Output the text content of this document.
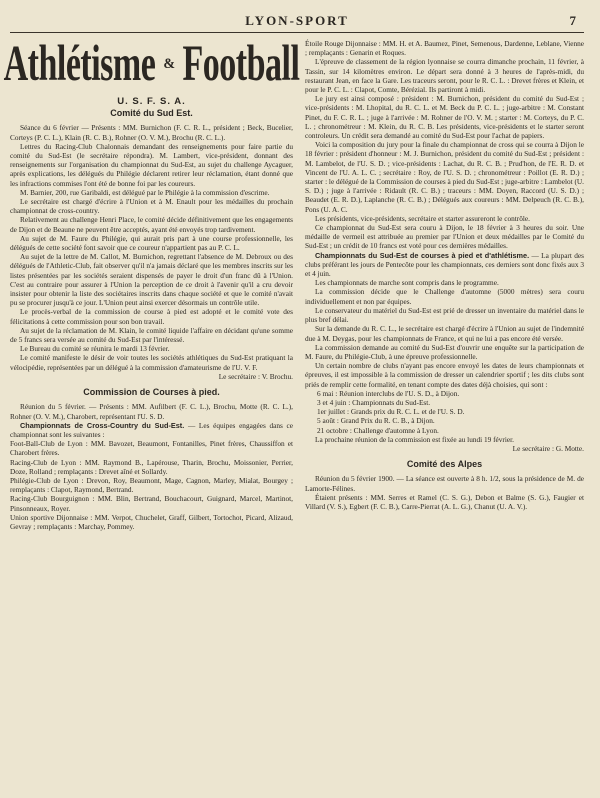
LYON-SPORT	7
Athlétisme & Football
U. S. F. S. A.
Comité du Sud Est.

Séance du 6 février — Présents : MM. Burnichon (F. C. R. L., président ; Beck, Bucelier, Corteys (P. C. L.), Klain (R. C. B.), Rohner (O. V. M.), Brochu (R. C. L.).

Lettres du Racing-Club Chalonnais demandant des renseignements pour faire partie du comité du Sud-Est (le secrétaire répondra). M. Lambert, vice-président, donnant des renseignements sur l'organisation du championnat du Sud-Est, au sujet du challenge Aycaguer, après explications, les délégués du Philégie déclarent retirer leur réclamation, étant donné que les infractions commises l'ont été de bonne foi par les coureurs.

M. Barnier, 200, rue Garibaldi, est délégué par le Philégie à la commission d'escrime.

Le secrétaire est chargé d'écrire à l'Union et à M. Enault pour les médailles du prochain championnat de cross-country.

Relativement au challenge Henri Place, le comité décide définitivement que les engagements de Dijon et de Beaune ne peuvent être acceptés, ayant été envoyés trop tardivement.

Au sujet de M. Faure du Philégie, qui aurait pris part à une course professionnelle, les délégués de cette société font savoir que ce coureur n'appartient pas au P. C. L.

Au sujet de la lettre de M. Callot, M. Burnichon, regrettant l'absence de M. Debroux ou des délégués de l'Athletic-Club, fait observer qu'il n'a jamais déclaré que les membres inscrits sur les listes présentées par les sociétés seraient dispensés de payer le droit d'un franc dû à l'Union. C'est au contraire pour assurer à l'Union la perception de ce droit à l'avenir qu'il a cru devoir insister pour obtenir la liste des sociétaires inscrits dans chaque société et que le comité n'avait pu se procurer jusqu'à ce jour. L'Union peut ainsi exercer désormais un contrôle utile.

Le procès-verbal de la commission de course à pied est adopté et le comité vote des félicitations à cette commission pour son bon travail.

Au sujet de la réclamation de M. Klain, le comité liquide l'affaire en décidant qu'une somme de 5 francs sera versée au comité du Sud-Est par l'intéressé.

Le Bureau du comité se réunira le mardi 13 février.

Le comité manifeste le désir de voir toutes les sociétés athlétiques du Sud-Est pratiquant la vélocipédie, représentées par un délégué à la commission d'amateurisme de l'U. V. F.

Le secrétaire : V. Brochu.

Commission de Courses à pied.

Réunion du 5 février. — Présents : MM. Aufilbert (F. C. L.), Brochu, Motte (R. C. L.), Rohner (O. V. M.), Charobert, représentant l'U. S. D.

Championnats de Cross-Country du Sud-Est. — Les équipes engagées dans ce championnat sont les suivantes :

Foot-Ball-Club de Lyon : MM. Bavozet, Beaumont, Fontanilles, Pinet frères, Chaussiffon et Charobert frères.

Racing-Club de Lyon : MM. Raymond B., Lapérouse, Tharin, Brochu, Moissonier, Perrier, Doze, Rolland ; remplaçants : Drevet aîné et Sollardy.

Philégie-Club de Lyon : Drevon, Roy, Beaumont, Mage, Cagnon, Marley, Mialat, Bourgey ; remplaçants : Clapot, Raymond, Bertrand.

Racing-Club Bourguignon : MM. Blin, Bertrand, Bouchacourt, Guignard, Marcel, Martinot, Pinsonneaux, Royer.

Union sportive Dijonnaise : MM. Verpot, Chuchelet, Graff, Gilbert, Tortochot, Picard, Alizaud, Gevray ; remplaçants : Marchay, Pommey.

Étoile Rouge Dijonnaise : MM. H. et A. Baumez, Pinet, Semenous, Dardenne, Leblane, Vienne ; remplaçants : Genarin et Roques.

L'épreuve de classement de la région lyonnaise se courra dimanche prochain, 11 février, à Tassin, sur 14 kilomètres environ. Le départ sera donné à 3 heures de l'après-midi, du restaurant Jean, en face la Gare. Les traceurs seront, pour le R. C. L. : Drevet frères et Klein, et pour le P. C. L. : Clapot, Comte, Bérézial. Ils partiront à midi.

Le jury est ainsi composé : président : M. Burnichon, président du comité du Sud-Est ; vice-présidents : M. Lhopital, du R. C. L. et M. Beck du P. C. L. ; juge-arbitre : M. Constant Pinet, du F. C. R. L. ; juge à l'arrivée : M. Rohner de l'O. V. M. ; starter : M. Corteys, du P. C. L. ; chronométreur : M. Klein, du R. C. B. Les présidents, vice-présidents et le starter seront controleurs. Un crédit sera demandé au comité du Sud-Est pour l'achat de papiers.

Voici la composition du jury pour la finale du championnat de cross qui se courra à Dijon le 18 février : président d'honneur : M. J. Burnichon, président du comité du Sud-Est ; président : M. Lambelot, de l'U. S. D. ; vice-présidents : Lachat, du R. C. B. ; Prud'hon, de l'E. R. D. et Vincent de l'U. A. L. C. ; secrétaire : Roy, de l'U. S. D. ; chronométreur : Poillot (E. R. D.) ; starter : le délégué de la Commission de courses à pied du Sud-Est ; juge-arbitre : Lambelot (U. S. D.) ; juge à l'arrivée : Ridault (R. C. B.) ; traceurs : MM. Doyen, Raccord (U. S. D.) ; Beaudet (E. R. D.), Laplanche (R. C. B.) ; Délégués aux coureurs : MM. Delpeuch (R. C. B.), Pons (U. A. C.

Les présidents, vice-présidents, secrétaire et starter assureront le contrôle.

Ce championnat du Sud-Est sera couru à Dijon, le 18 février à 3 heures du soir. Une médaille de vermeil est attribuée au premier par l'Union et deux médailles par le Comité du Sud-Est ; un crédit de 10 francs est voté pour ces dernières médailles.

Championnats du Sud-Est de courses à pied et d'athlétisme. — La plupart des clubs préférant les jours de Pentecôte pour les championnats, ces derniers sont donc fixés aux 3 et 4 juin.

Les championnats de marche sont compris dans le programme.

La commission décide que le Challenge d'automne (5000 mètres) sera couru individuellement et non par équipes.

Le conservateur du matériel du Sud-Est est prié de dresser un inventaire du matériel dans le plus bref délai.

Sur la demande du R. C. L., le secrétaire est chargé d'écrire à l'Union au sujet de l'indemnité due à M. Deygas, pour les championnats de France, et qui ne lui a pas encore été versée.

La commission demande au comité du Sud-Est d'ouvrir une enquête sur la participation de M. Faure, du Philégie-Club, à une épreuve professionnelle.

Un certain nombre de clubs n'ayant pas encore envoyé les dates de leurs championnats et épreuves, il est impossible à la commission de dresser un calendrier sportif ; les dits clubs sont priés de remplir cette formalité, en tenant compte des dates déjà choisies, qui sont :

6 mai : Réunion interclubs de l'U. S. D., à Dijon.

3 et 4 juin : Championnats du Sud-Est.

1er juillet : Grands prix du R. C. L. et de l'U. S. D.

5 août : Grand Prix du R. C. B., à Dijon.

21 octobre : Challenge d'automne à Lyon.

La prochaine réunion de la commission est fixée au lundi 19 février.

Le secrétaire : G. Motte.

Comité des Alpes

Réunion du 5 février 1900. — La séance est ouverte à 8 h. 1/2, sous la présidence de M. de Lamorte-Félines.

Étaient présents : MM. Serres et Ramel (C. S. G.), Debon et Balme (S. G.), Faugier et Villard (V. S.), Egbert (F. C. B.), Carre-Pierrat (A. L. G.), Chanut (U. A. V.).
